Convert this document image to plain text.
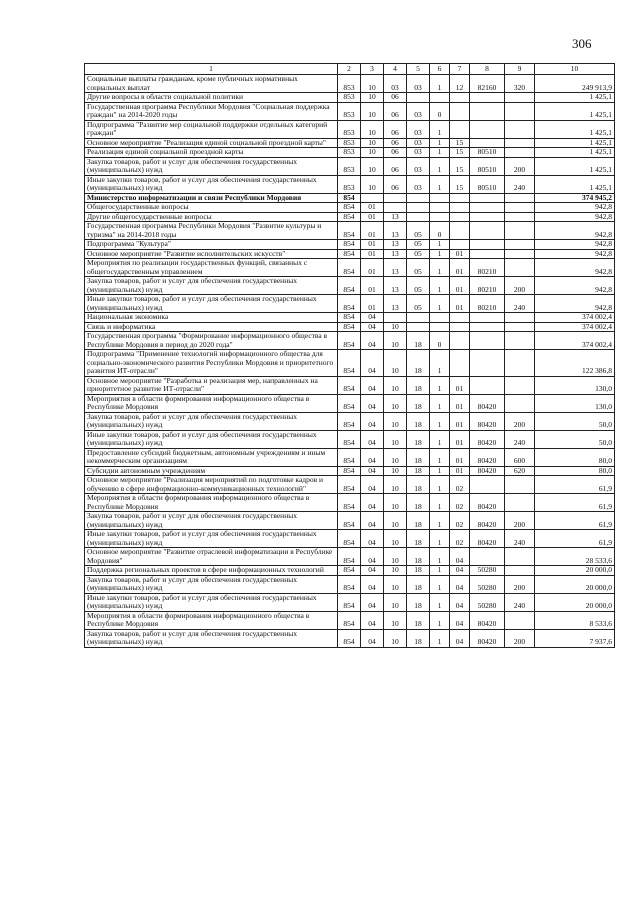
306
1	2	3	4	5	6	7	8	9	10
Социальные выплаты гражданам, кроме публичных нормативных социальных выплат	853	10	03	03	1	12	82160	320	249 913,9
Другие вопросы в области социальной политики	853	10	06						1 425,1
Государственная программа Республики Мордовия "Социальная поддержка граждан" на 2014-2020 годы	853	10	06	03	0				1 425,1
Подпрограмма "Развитие мер социальной поддержки отдельных категорий граждан"	853	10	06	03	1				1 425,1
Основное мероприятие "Реализация единой социальной проездной карты"	853	10	06	03	1	15			1 425,1
Реализация единой социальной проездной карты	853	10	06	03	1	15	80510		1 425,1
Закупка товаров, работ и услуг для обеспечения государственных (муниципальных) нужд	853	10	06	03	1	15	80510	200	1 425,1
Иные закупки товаров, работ и услуг для обеспечения государственных (муниципальных) нужд	853	10	06	03	1	15	80510	240	1 425,1
Министерство информатизации и связи Республики Мордовия	854								374 945,2
Общегосударственные вопросы	854	01							942,8
Другие общегосударственные вопросы	854	01	13						942,8
Государственная программа Республики Мордовия "Развитие культуры и туризма" на 2014-2018 годы	854	01	13	05	0				942,8
Подпрограмма "Культура"	854	01	13	05	1				942,8
Основное мероприятие "Развитие исполнительских искусств"	854	01	13	05	1	01			942,8
Мероприятия по реализации государственных функций, связанных с общегосударственным управлением	854	01	13	05	1	01	80210		942,8
Закупка товаров, работ и услуг для обеспечения государственных (муниципальных) нужд	854	01	13	05	1	01	80210	200	942,8
Иные закупки товаров, работ и услуг для обеспечения государственных (муниципальных) нужд	854	01	13	05	1	01	80210	240	942,8
Национальная экономика	854	04							374 002,4
Связь и информатика	854	04	10						374 002,4
Государственная программа "Формирование информационного общества в Республике Мордовия в период до 2020 года"	854	04	10	18	0				374 002,4
Подпрограмма "Применение технологий информационного общества для социально-экономического развития Республики Мордовия и приоритетного развития ИТ-отрасли"	854	04	10	18	1				122 386,8
Основное мероприятие "Разработка и реализация мер, направленных на приоритетное развитие ИТ-отрасли"	854	04	10	18	1	01			130,0
Мероприятия в области формирования информационного общества в Республике Мордовия	854	04	10	18	1	01	80420		130,0
Закупка товаров, работ и услуг для обеспечения государственных (муниципальных) нужд	854	04	10	18	1	01	80420	200	50,0
Иные закупки товаров, работ и услуг для обеспечения государственных (муниципальных) нужд	854	04	10	18	1	01	80420	240	50,0
Предоставление субсидий бюджетным, автономным учреждениям и иным некоммерческим организациям	854	04	10	18	1	01	80420	600	80,0
Субсидии автономным учреждениям	854	04	10	18	1	01	80420	620	80,0
Основное мероприятие "Реализация мероприятий по подготовке кадров и обучению в сфере информационно-коммуникационных технологий"	854	04	10	18	1	02			61,9
Мероприятия в области формирования информационного общества в Республике Мордовия	854	04	10	18	1	02	80420		61,9
Закупка товаров, работ и услуг для обеспечения государственных (муниципальных) нужд	854	04	10	18	1	02	80420	200	61,9
Иные закупки товаров, работ и услуг для обеспечения государственных (муниципальных) нужд	854	04	10	18	1	02	80420	240	61,9
Основное мероприятие "Развитие отраслевой информатизации в Республике Мордовия"	854	04	10	18	1	04			28 533,6
Поддержка региональных проектов в сфере информационных технологий	854	04	10	18	1	04	50280		20 000,0
Закупка товаров, работ и услуг для обеспечения государственных (муниципальных) нужд	854	04	10	18	1	04	50280	200	20 000,0
Иные закупки товаров, работ и услуг для обеспечения государственных (муниципальных) нужд	854	04	10	18	1	04	50280	240	20 000,0
Мероприятия в области формирования информационного общества в Республике Мордовия	854	04	10	18	1	04	80420		8 533,6
Закупка товаров, работ и услуг для обеспечения государственных (муниципальных) нужд	854	04	10	18	1	04	80420	200	7 937,6
